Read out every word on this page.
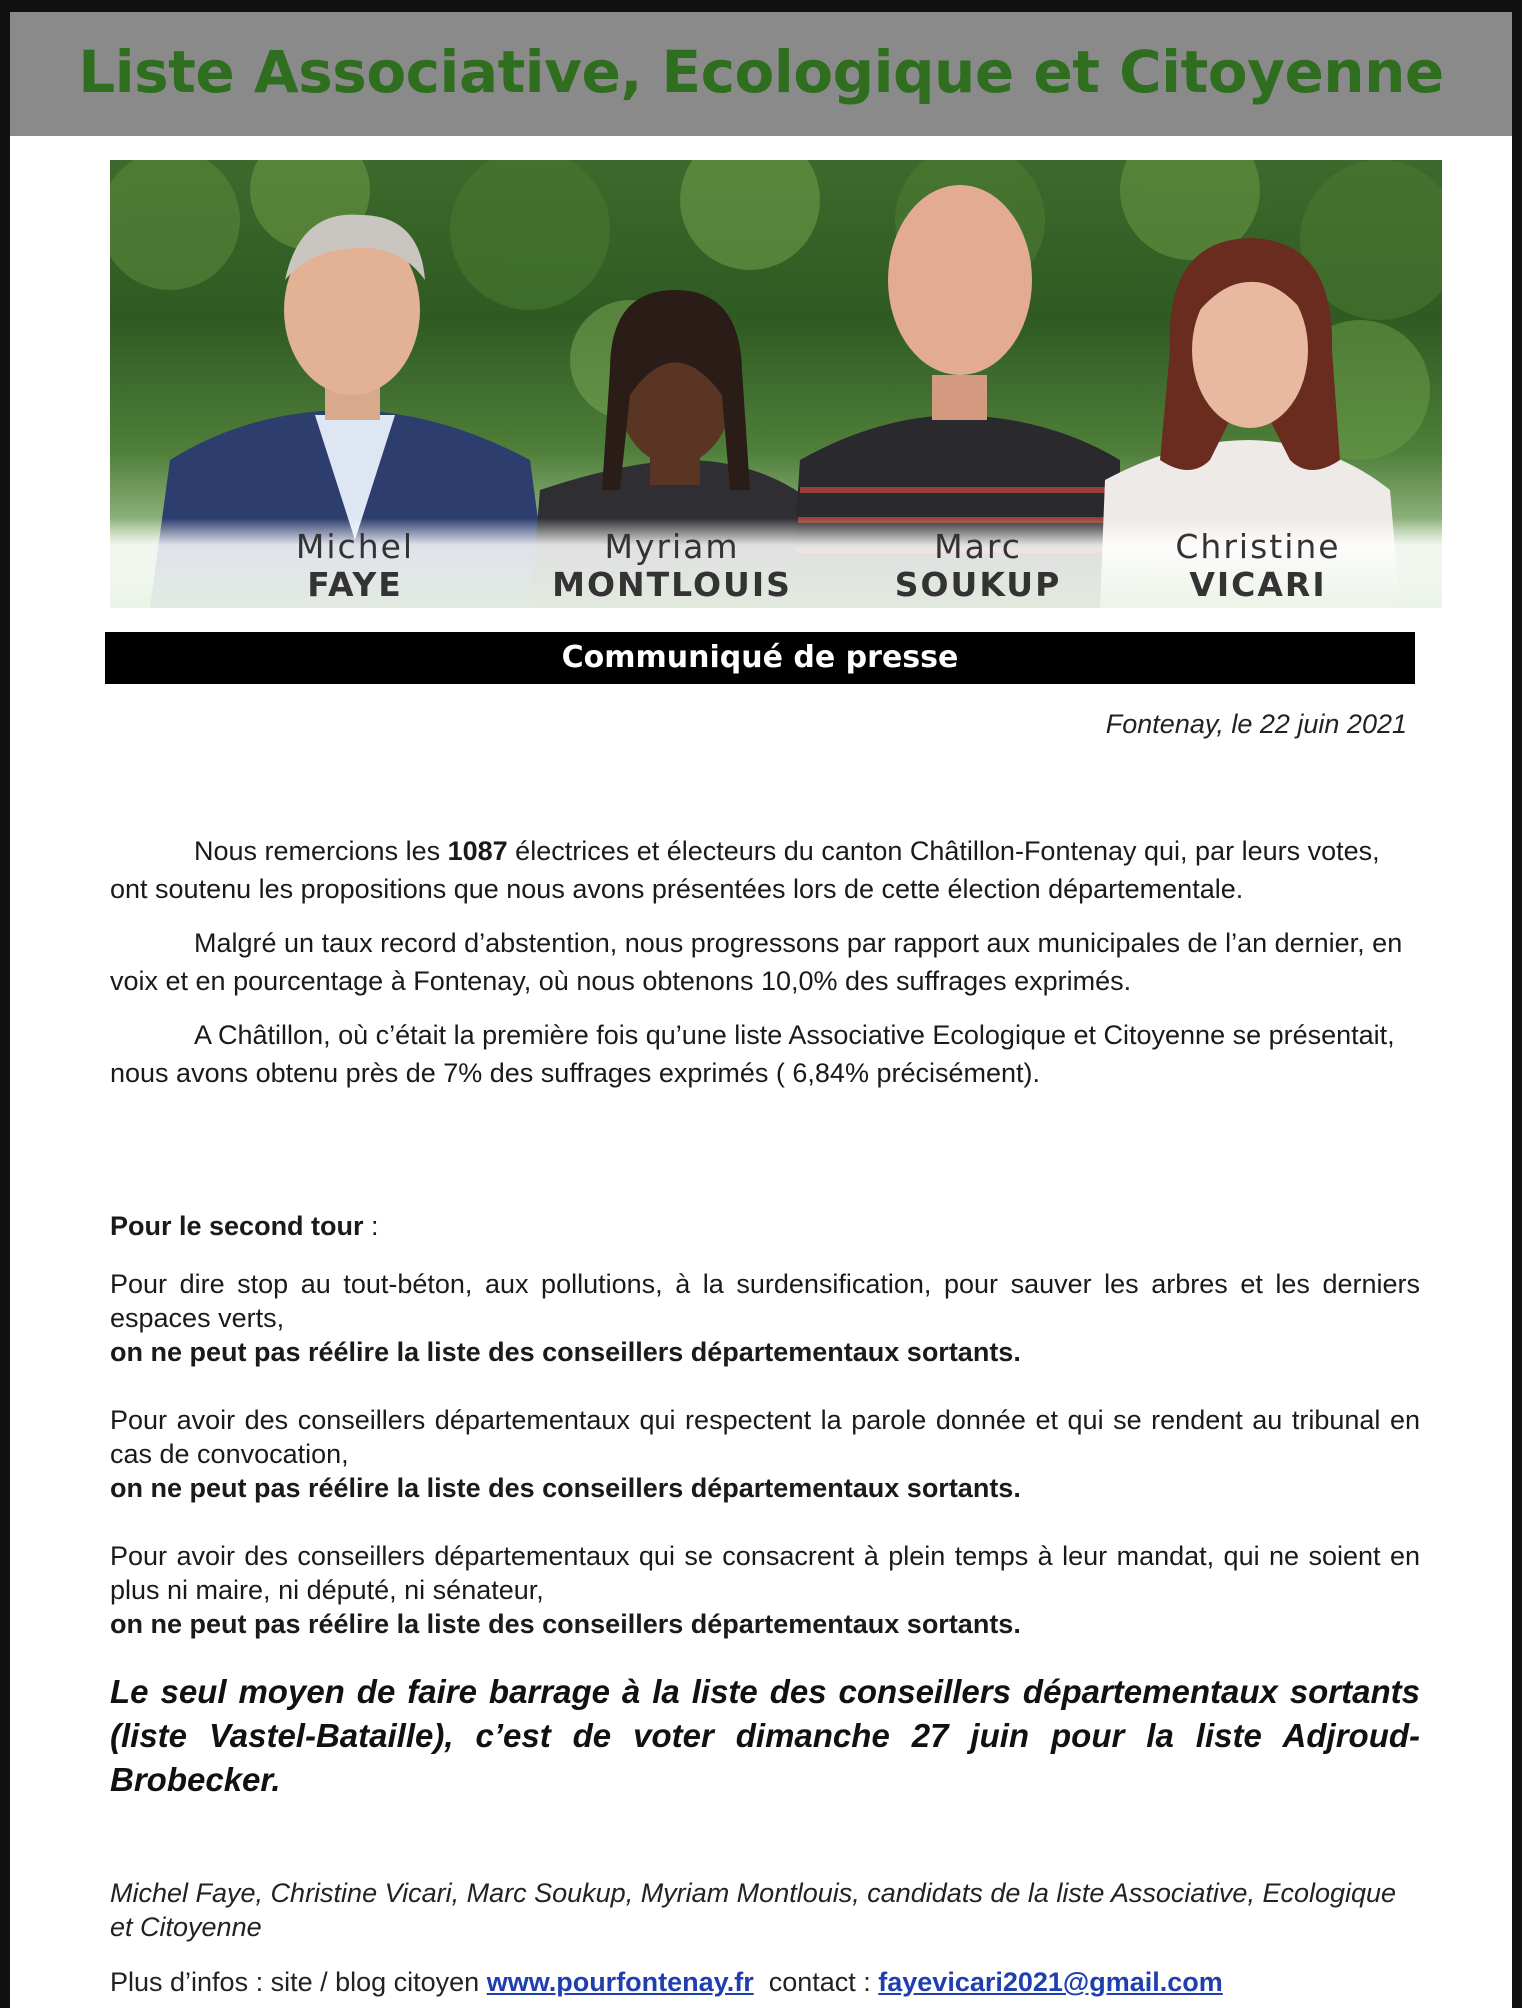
Liste Associative, Ecologique et Citoyenne
Michel
FAYE
Myriam
MONTLOUIS
Marc
SOUKUP
Christine
VICARI
Communiqué de presse
Fontenay, le 22 juin 2021

Nous remercions les 1087 électrices et électeurs du canton Châtillon-Fontenay qui, par leurs votes, ont soutenu les propositions que nous avons présentées lors de cette élection départementale.

Malgré un taux record d’abstention, nous progressons par rapport aux municipales de l’an dernier, en voix et en pourcentage à Fontenay, où nous obtenons 10,0% des suffrages exprimés.

A Châtillon, où c’était la première fois qu’une liste Associative Ecologique et Citoyenne se présentait, nous avons obtenu près de 7% des suffrages exprimés ( 6,84% précisément).

Pour le second tour :

Pour dire stop au tout-béton, aux pollutions, à la surdensification, pour sauver les arbres et les derniers espaces verts,

on ne peut pas réélire la liste des conseillers départementaux sortants.

Pour avoir des conseillers départementaux qui respectent la parole donnée et qui se rendent au tribunal en cas de convocation,

on ne peut pas réélire la liste des conseillers départementaux sortants.

Pour avoir des conseillers départementaux qui se consacrent à plein temps à leur mandat, qui ne soient en plus ni maire, ni député, ni sénateur,

on ne peut pas réélire la liste des conseillers départementaux sortants.

Le seul moyen de faire barrage à la liste des conseillers départementaux sortants (liste Vastel-Bataille), c’est de voter dimanche 27 juin pour la liste Adjroud-Brobecker.
Michel Faye, Christine Vicari, Marc Soukup, Myriam Montlouis, candidats de la liste Associative, Ecologique et Citoyenne
Plus d’infos : site / blog citoyen www.pourfontenay.fr  contact : fayevicari2021@gmail.com
